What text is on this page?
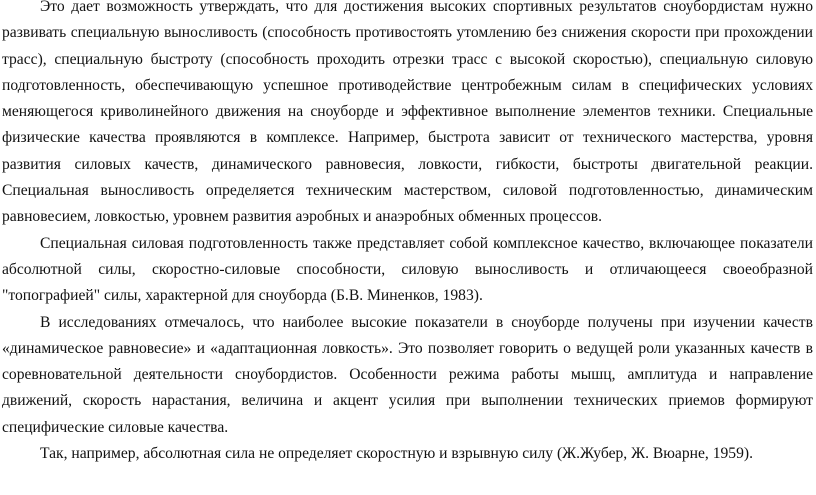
Это дает возможность утверждать, что для достижения высоких спортивных результатов сноубордистам нужно развивать специальную выносливость (способность противостоять утомлению без снижения скорости при прохождении трасс), специальную быстроту (способность проходить отрезки трасс с высокой скоростью), специальную силовую подготовленность, обеспечивающую успешное противодействие центробежным силам в специфических условиях меняющегося криволинейного движения на сноуборде и эффективное выполнение элементов техники. Специальные физические качества проявляются в комплексе. Например, быстрота зависит от технического мастерства, уровня развития силовых качеств, динамического равновесия, ловкости, гибкости, быстроты двигательной реакции. Специальная выносливость определяется техническим мастерством, силовой подготовленностью, динамическим равновесием, ловкостью, уровнем развития аэробных и анаэробных обменных процессов.

Специальная силовая подготовленность также представляет собой комплексное качество, включающее показатели абсолютной силы, скоростно-силовые способности, силовую выносливость и отличающееся своеобразной "топографией" силы, характерной для сноуборда (Б.В. Миненков, 1983).

В исследованиях отмечалось, что наиболее высокие показатели в сноуборде получены при изучении качеств «динамическое равновесие» и «адаптационная ловкость». Это позволяет говорить о ведущей роли указанных качеств в соревновательной деятельности сноубордистов. Особенности режима работы мышц, амплитуда и направление движений, скорость нарастания, величина и акцент усилия при выполнении технических приемов формируют специфические силовые качества.

Так, например, абсолютная сила не определяет скоростную и взрывную силу (Ж.Жубер, Ж. Вюарне, 1959).
